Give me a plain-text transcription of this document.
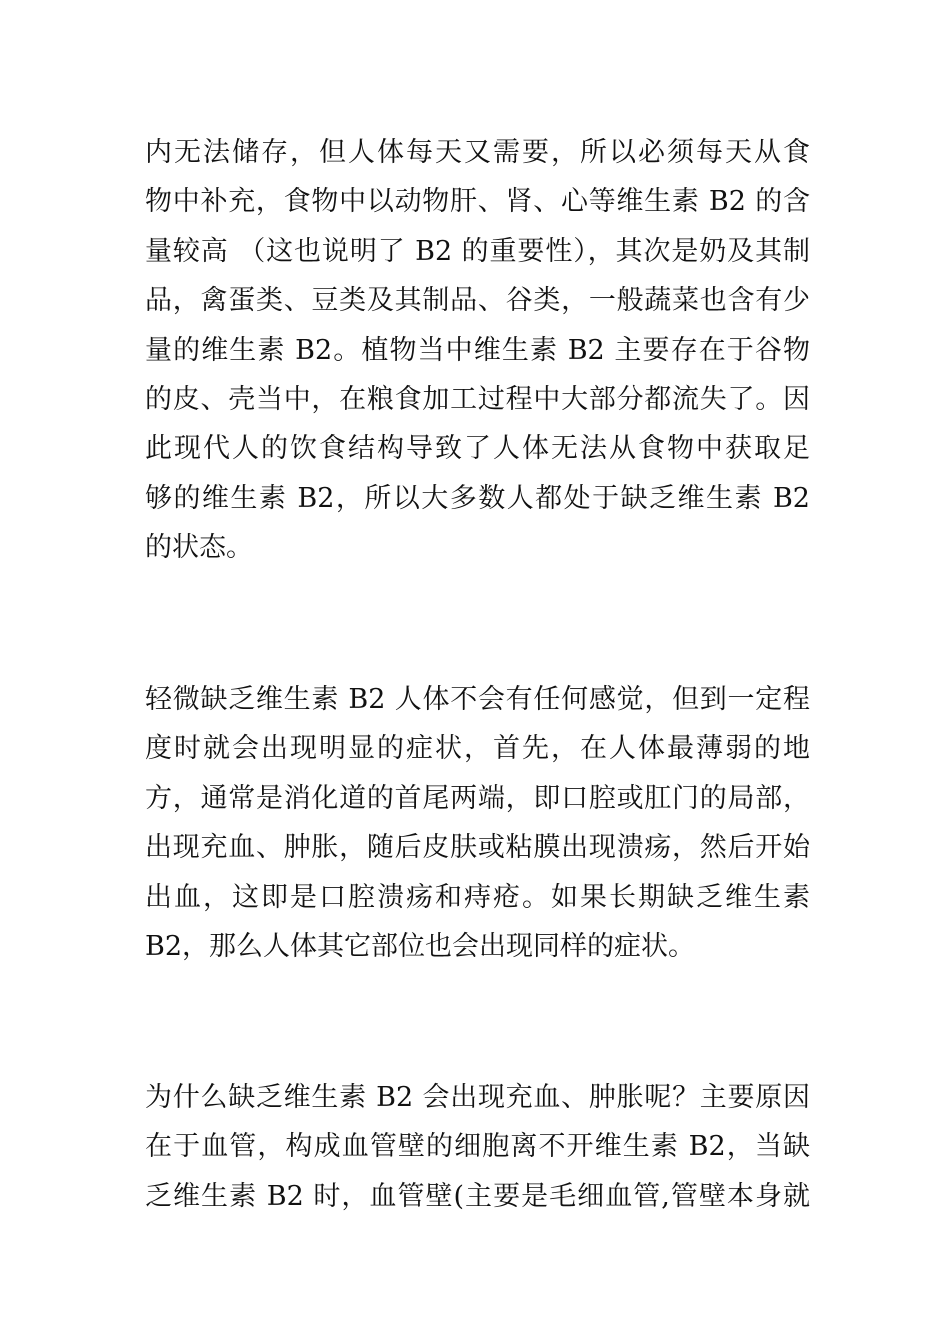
内无法储存，但人体每天又需要，所以必须每天从食
物中补充，食物中以动物肝、肾、心等维生素 B2 的含
量较高 （这也说明了 B2 的重要性），其次是奶及其制
品，禽蛋类、豆类及其制品、谷类，一般蔬菜也含有少
量的维生素 B2。植物当中维生素 B2 主要存在于谷物
的皮、壳当中，在粮食加工过程中大部分都流失了。因
此现代人的饮食结构导致了人体无法从食物中获取足
够的维生素 B2，所以大多数人都处于缺乏维生素 B2
的状态。

轻微缺乏维生素 B2 人体不会有任何感觉，但到一定程
度时就会出现明显的症状，首先，在人体最薄弱的地
方，通常是消化道的首尾两端，即口腔或肛门的局部，
出现充血、肿胀，随后皮肤或粘膜出现溃疡，然后开始
出血，这即是口腔溃疡和痔疮。如果长期缺乏维生素
B2，那么人体其它部位也会出现同样的症状。

为什么缺乏维生素 B2 会出现充血、肿胀呢？主要原因
在于血管，构成血管壁的细胞离不开维生素 B2，当缺
乏维生素 B2 时，血管壁(主要是毛细血管,管壁本身就
